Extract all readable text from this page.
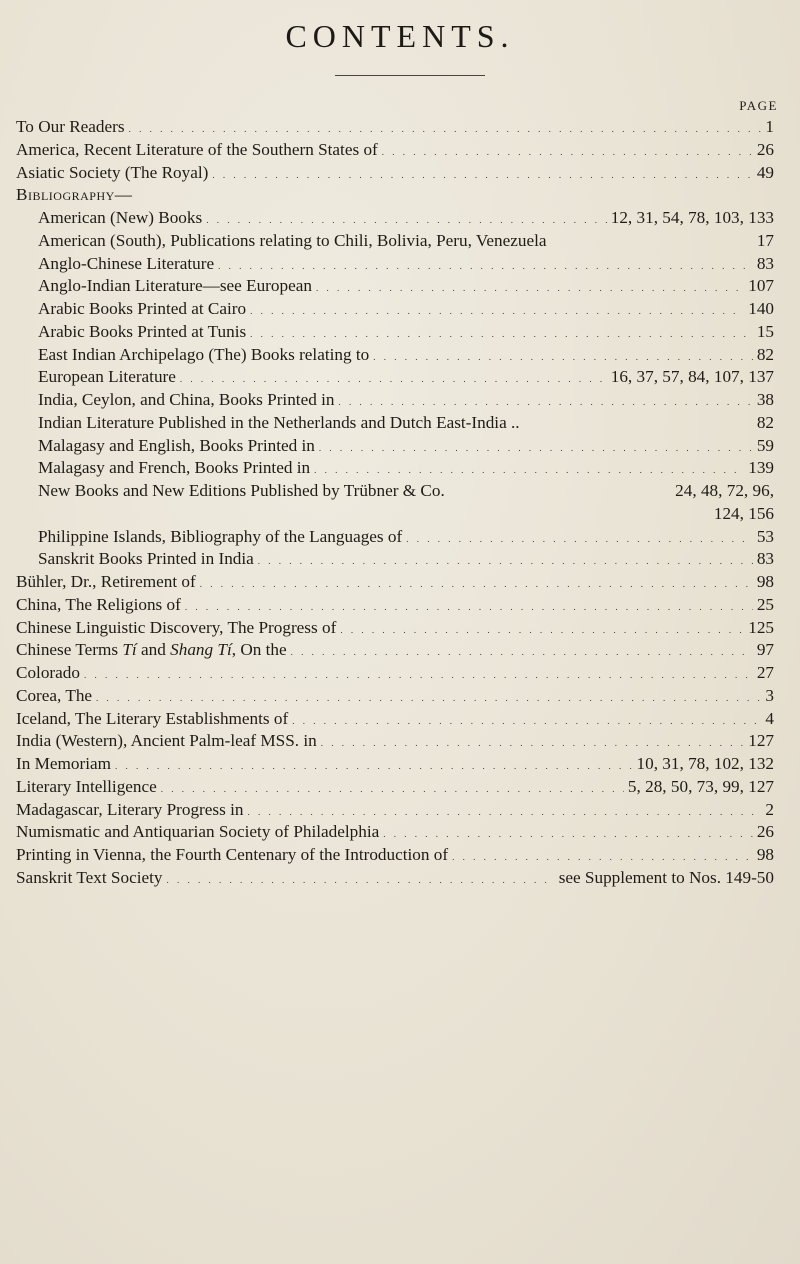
CONTENTS.
PAGE
To Our Readers . . .	1
America, Recent Literature of the Southern States of . . .	26
Asiatic Society (The Royal) . . .	49
Bibliography—
American (New) Books . . .	12, 31, 54, 78, 103, 133
American (South), Publications relating to Chili, Bolivia, Peru, Venezuela	17
Anglo-Chinese Literature . . .	83
Anglo-Indian Literature—see European . . .	107
Arabic Books Printed at Cairo . . .	140
Arabic Books Printed at Tunis . . .	15
East Indian Archipelago (The) Books relating to . . .	82
European Literature . . .	16, 37, 57, 84, 107, 137
India, Ceylon, and China, Books Printed in . . .	38
Indian Literature Published in the Netherlands and Dutch East-India ..	82
Malagasy and English, Books Printed in . . .	59
Malagasy and French, Books Printed in . . .	139
New Books and New Editions Published by Trübner & Co.	24, 48, 72, 96,
124, 156
Philippine Islands, Bibliography of the Languages of . . .	53
Sanskrit Books Printed in India . . .	83
Bühler, Dr., Retirement of . . .	98
China, The Religions of . . .	25
Chinese Linguistic Discovery, The Progress of . . .	125
Chinese Terms Tí and Shang Tí, On the . . .	97
Colorado . . .	27
Corea, The . . .	3
Iceland, The Literary Establishments of . . .	4
India (Western), Ancient Palm-leaf MSS. in . . .	127
In Memoriam . . .	10, 31, 78, 102, 132
Literary Intelligence . . .	5, 28, 50, 73, 99, 127
Madagascar, Literary Progress in . . .	2
Numismatic and Antiquarian Society of Philadelphia . . .	26
Printing in Vienna, the Fourth Centenary of the Introduction of . . .	98
Sanskrit Text Society . . .	see Supplement to Nos. 149-50
